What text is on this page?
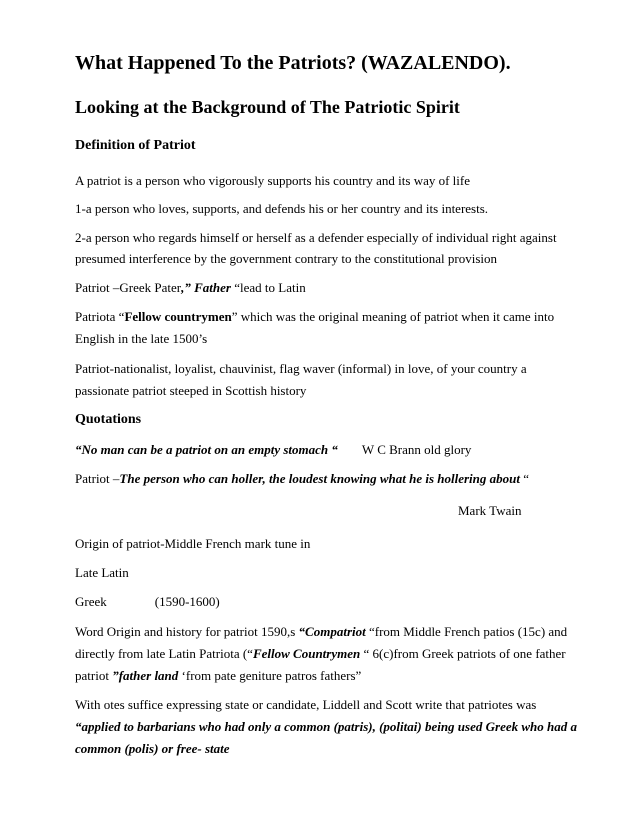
What Happened To the Patriots? (WAZALENDO).
Looking at the Background of The Patriotic Spirit
Definition of Patriot

A patriot is a person who vigorously supports his country and its way of life

1-a person who loves, supports, and defends his or her country and its interests.

2-a person who regards himself or herself as a defender especially of individual right against

presumed interference by the government contrary to the constitutional provision

Patriot –Greek Pater,” Father “lead to Latin

Patriota “Fellow countrymen” which was the original meaning of patriot when it came into

English in the late 1500’s

Patriot-nationalist, loyalist, chauvinist, flag waver (informal) in love, of your country a

passionate patriot steeped in Scottish history

Quotations

“No man can be a patriot on an empty stomach “ W C Brann old glory

Patriot –The person who can holler, the loudest knowing what he is hollering about “

Mark Twain

Origin of patriot-Middle French mark tune in

Late Latin

Greek	(1590-1600)

Word Origin and history for patriot 1590,s “Compatriot “from Middle French patios (15c) and

directly from late Latin Patriota (“Fellow Countrymen “ 6(c)from Greek patriots of one father

patriot ”father land ‘from pate geniture patros fathers”

With otes suffice expressing state or candidate, Liddell and Scott write that patriotes was

“applied to barbarians who had only a common (patris), (politai) being used Greek who had a

common (polis) or free- state
